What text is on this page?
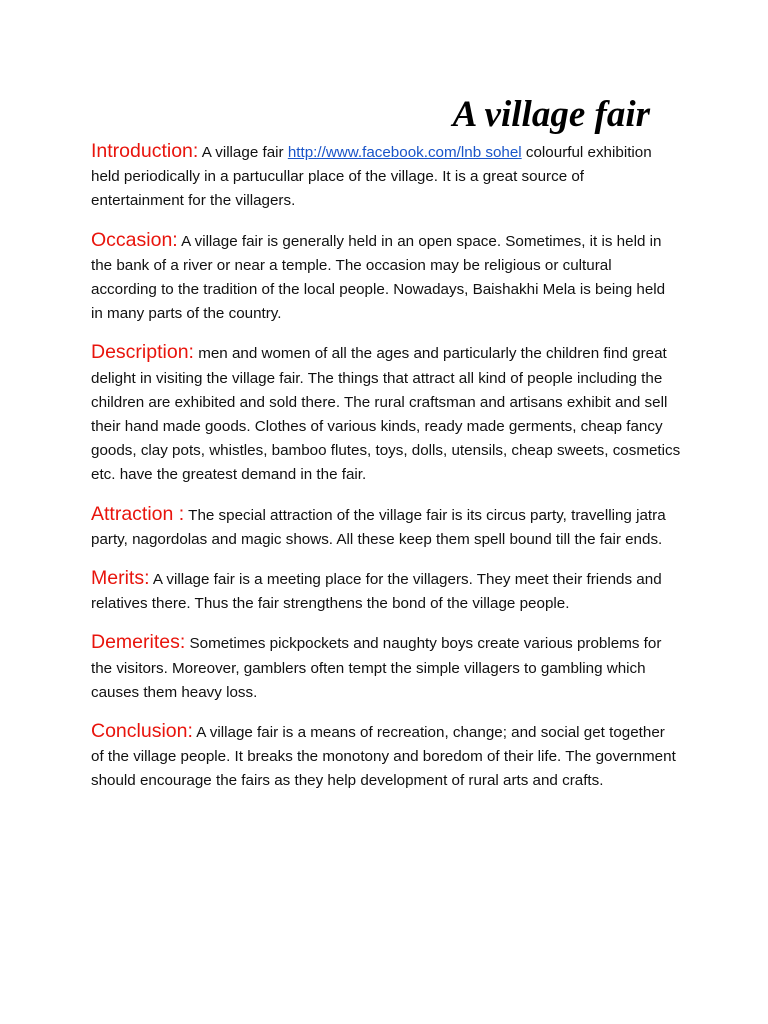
A village fair

Introduction: A village fair http://www.facebook.com/lnb sohel colourful exhibition held periodically in a partucullar place of the village. It is a great source of entertainment for the villagers.

Occasion: A village fair is generally held in an open space. Sometimes, it is held in the bank of a river or near a temple. The occasion may be religious or cultural according to the tradition of the local people. Nowadays, Baishakhi Mela is being held in many parts of the country.

Description: men and women of all the ages and particularly the children find great delight in visiting the village fair. The things that attract all kind of people including the children are exhibited and sold there. The rural craftsman and artisans exhibit and sell their hand made goods. Clothes of various kinds, ready made germents, cheap fancy goods, clay pots, whistles, bamboo flutes, toys, dolls, utensils, cheap sweets, cosmetics etc. have the greatest demand in the fair.

Attraction : The special attraction of the village fair is its circus party, travelling jatra party, nagordolas and magic shows. All these keep them spell bound till the fair ends.

Merits: A village fair is a meeting place for the villagers. They meet their friends and relatives there. Thus the fair strengthens the bond of the village people.

Demerites: Sometimes pickpockets and naughty boys create various problems for the visitors. Moreover, gamblers often tempt the simple villagers to gambling which causes them heavy loss.

Conclusion: A village fair is a means of recreation, change; and social get together of the village people. It breaks the monotony and boredom of their life. The government should encourage the fairs as they help development of rural arts and crafts.
